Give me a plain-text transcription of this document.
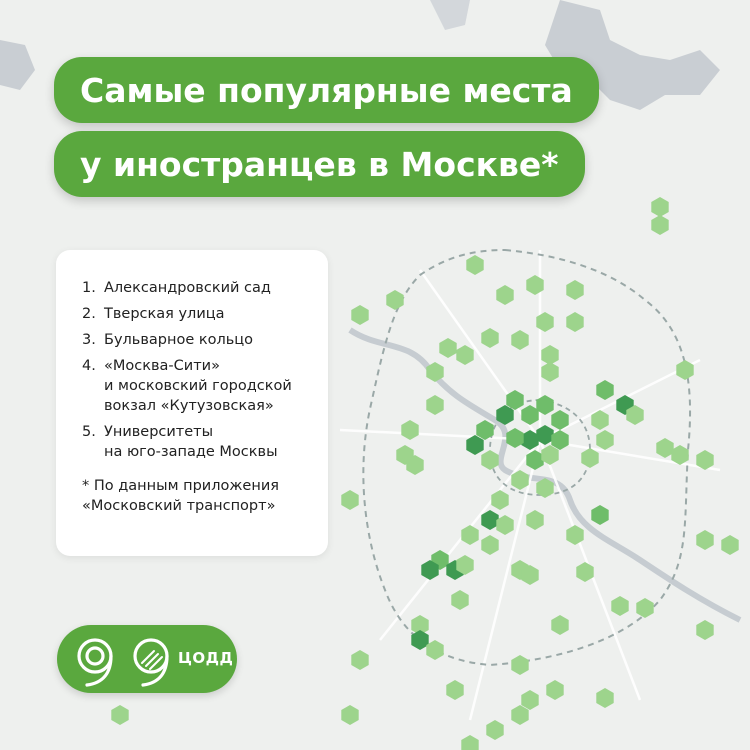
Самые популярные места
у иностранцев в Москве*
1. Александровский сад
2. Тверская улица
3. Бульварное кольцо
4. «Москва-Сити»
и московский городской
вокзал «Кутузовская»
5. Университеты
на юго-западе Москвы
* По данным приложения
«Московский транспорт»
ЦОДД
